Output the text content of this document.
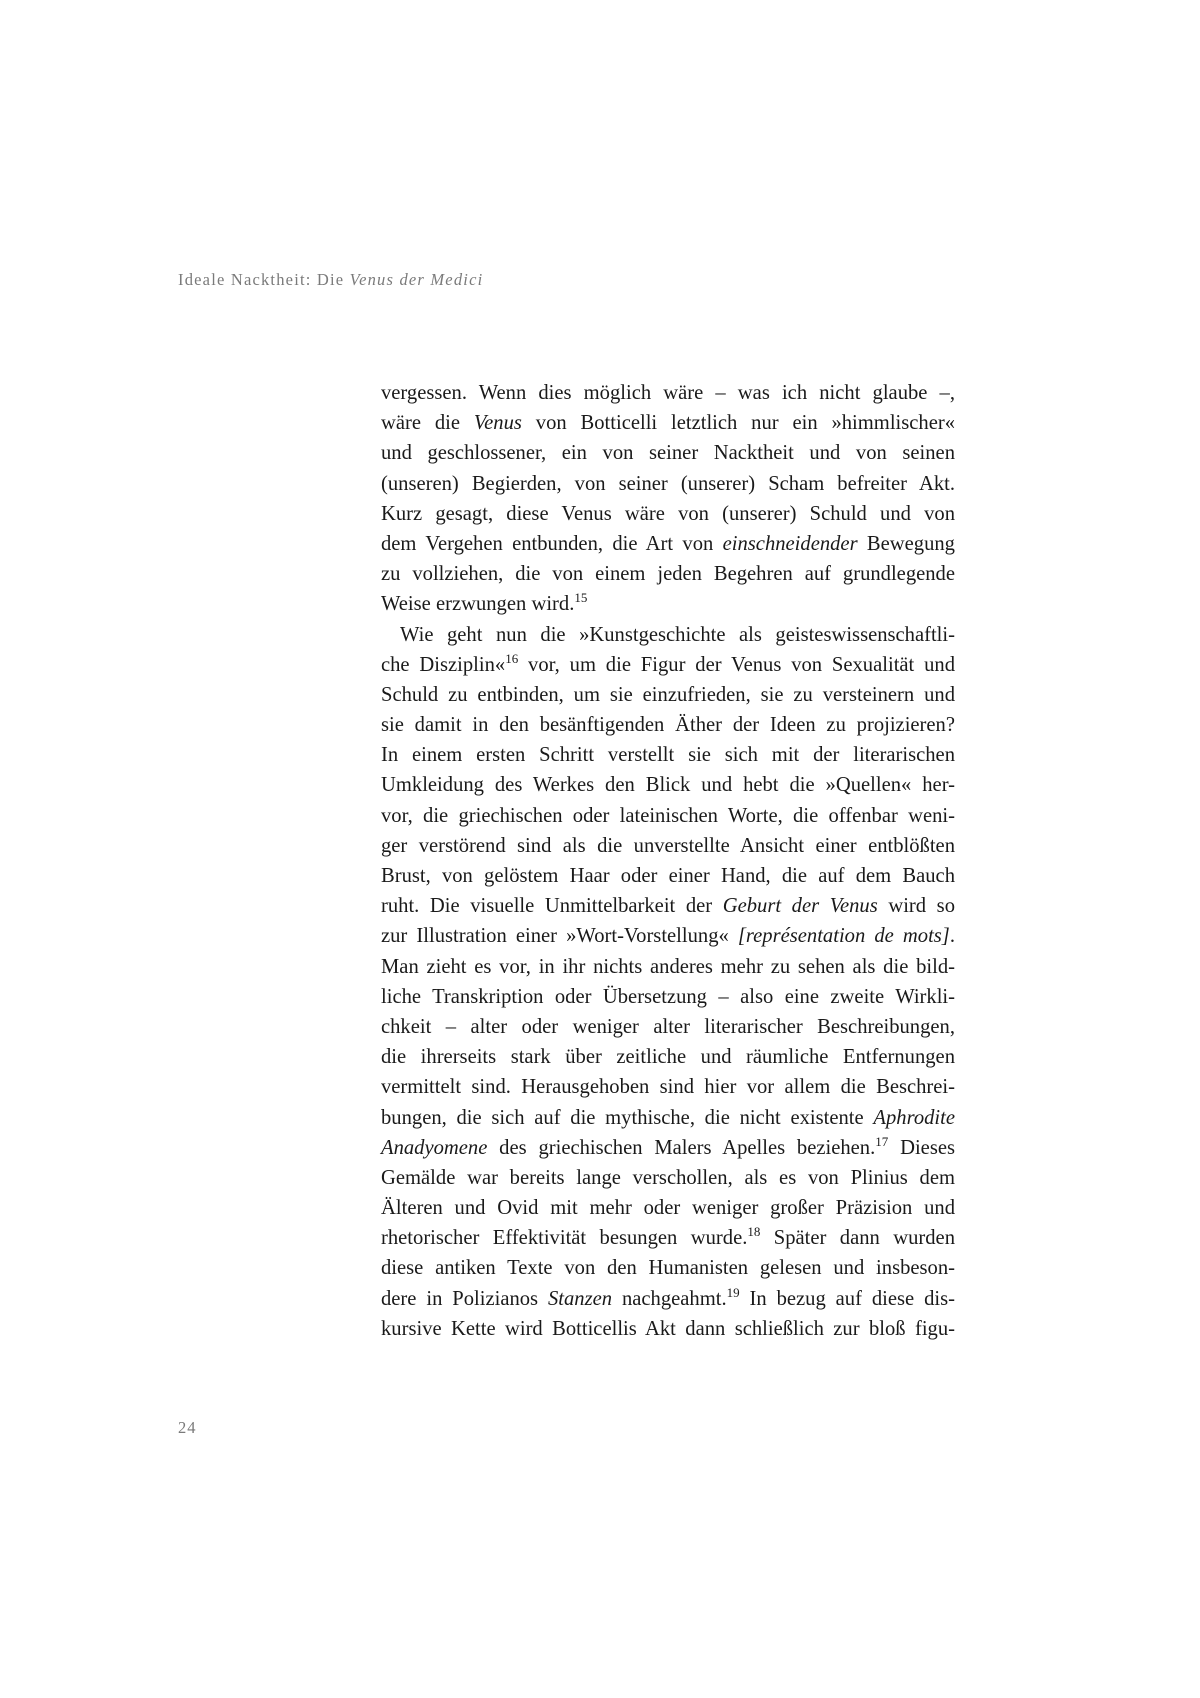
Ideale Nacktheit: Die Venus der Medici
vergessen. Wenn dies möglich wäre – was ich nicht glaube –,
wäre die Venus von Botticelli letztlich nur ein »himmlischer«
und geschlossener, ein von seiner Nacktheit und von seinen
(unseren) Begierden, von seiner (unserer) Scham befreiter Akt.
Kurz gesagt, diese Venus wäre von (unserer) Schuld und von
dem Vergehen entbunden, die Art von einschneidender Bewegung
zu vollziehen, die von einem jeden Begehren auf grundlegende
Weise erzwungen wird.$^{15}$
Wie geht nun die »Kunstgeschichte als geisteswissenschaftli-
che Disziplin«$^{16}$ vor, um die Figur der Venus von Sexualität und
Schuld zu entbinden, um sie einzufrieden, sie zu versteinern und
sie damit in den besänftigenden Äther der Ideen zu projizieren?
In einem ersten Schritt verstellt sie sich mit der literarischen
Umkleidung des Werkes den Blick und hebt die »Quellen« her-
vor, die griechischen oder lateinischen Worte, die offenbar weni-
ger verstörend sind als die unverstellte Ansicht einer entblößten
Brust, von gelöstem Haar oder einer Hand, die auf dem Bauch
ruht. Die visuelle Unmittelbarkeit der Geburt der Venus wird so
zur Illustration einer »Wort-Vorstellung« [représentation de mots].
Man zieht es vor, in ihr nichts anderes mehr zu sehen als die bild-
liche Transkription oder Übersetzung – also eine zweite Wirkli-
chkeit – alter oder weniger alter literarischer Beschreibungen,
die ihrerseits stark über zeitliche und räumliche Entfernungen
vermittelt sind. Herausgehoben sind hier vor allem die Beschrei-
bungen, die sich auf die mythische, die nicht existente Aphrodite
Anadyomene des griechischen Malers Apelles beziehen.$^{17}$ Dieses
Gemälde war bereits lange verschollen, als es von Plinius dem
Älteren und Ovid mit mehr oder weniger großer Präzision und
rhetorischer Effektivität besungen wurde.$^{18}$ Später dann wurden
diese antiken Texte von den Humanisten gelesen und insbeson-
dere in Polizianos Stanzen nachgeahmt.$^{19}$ In bezug auf diese dis-
kursive Kette wird Botticellis Akt dann schließlich zur bloß figu-
24
